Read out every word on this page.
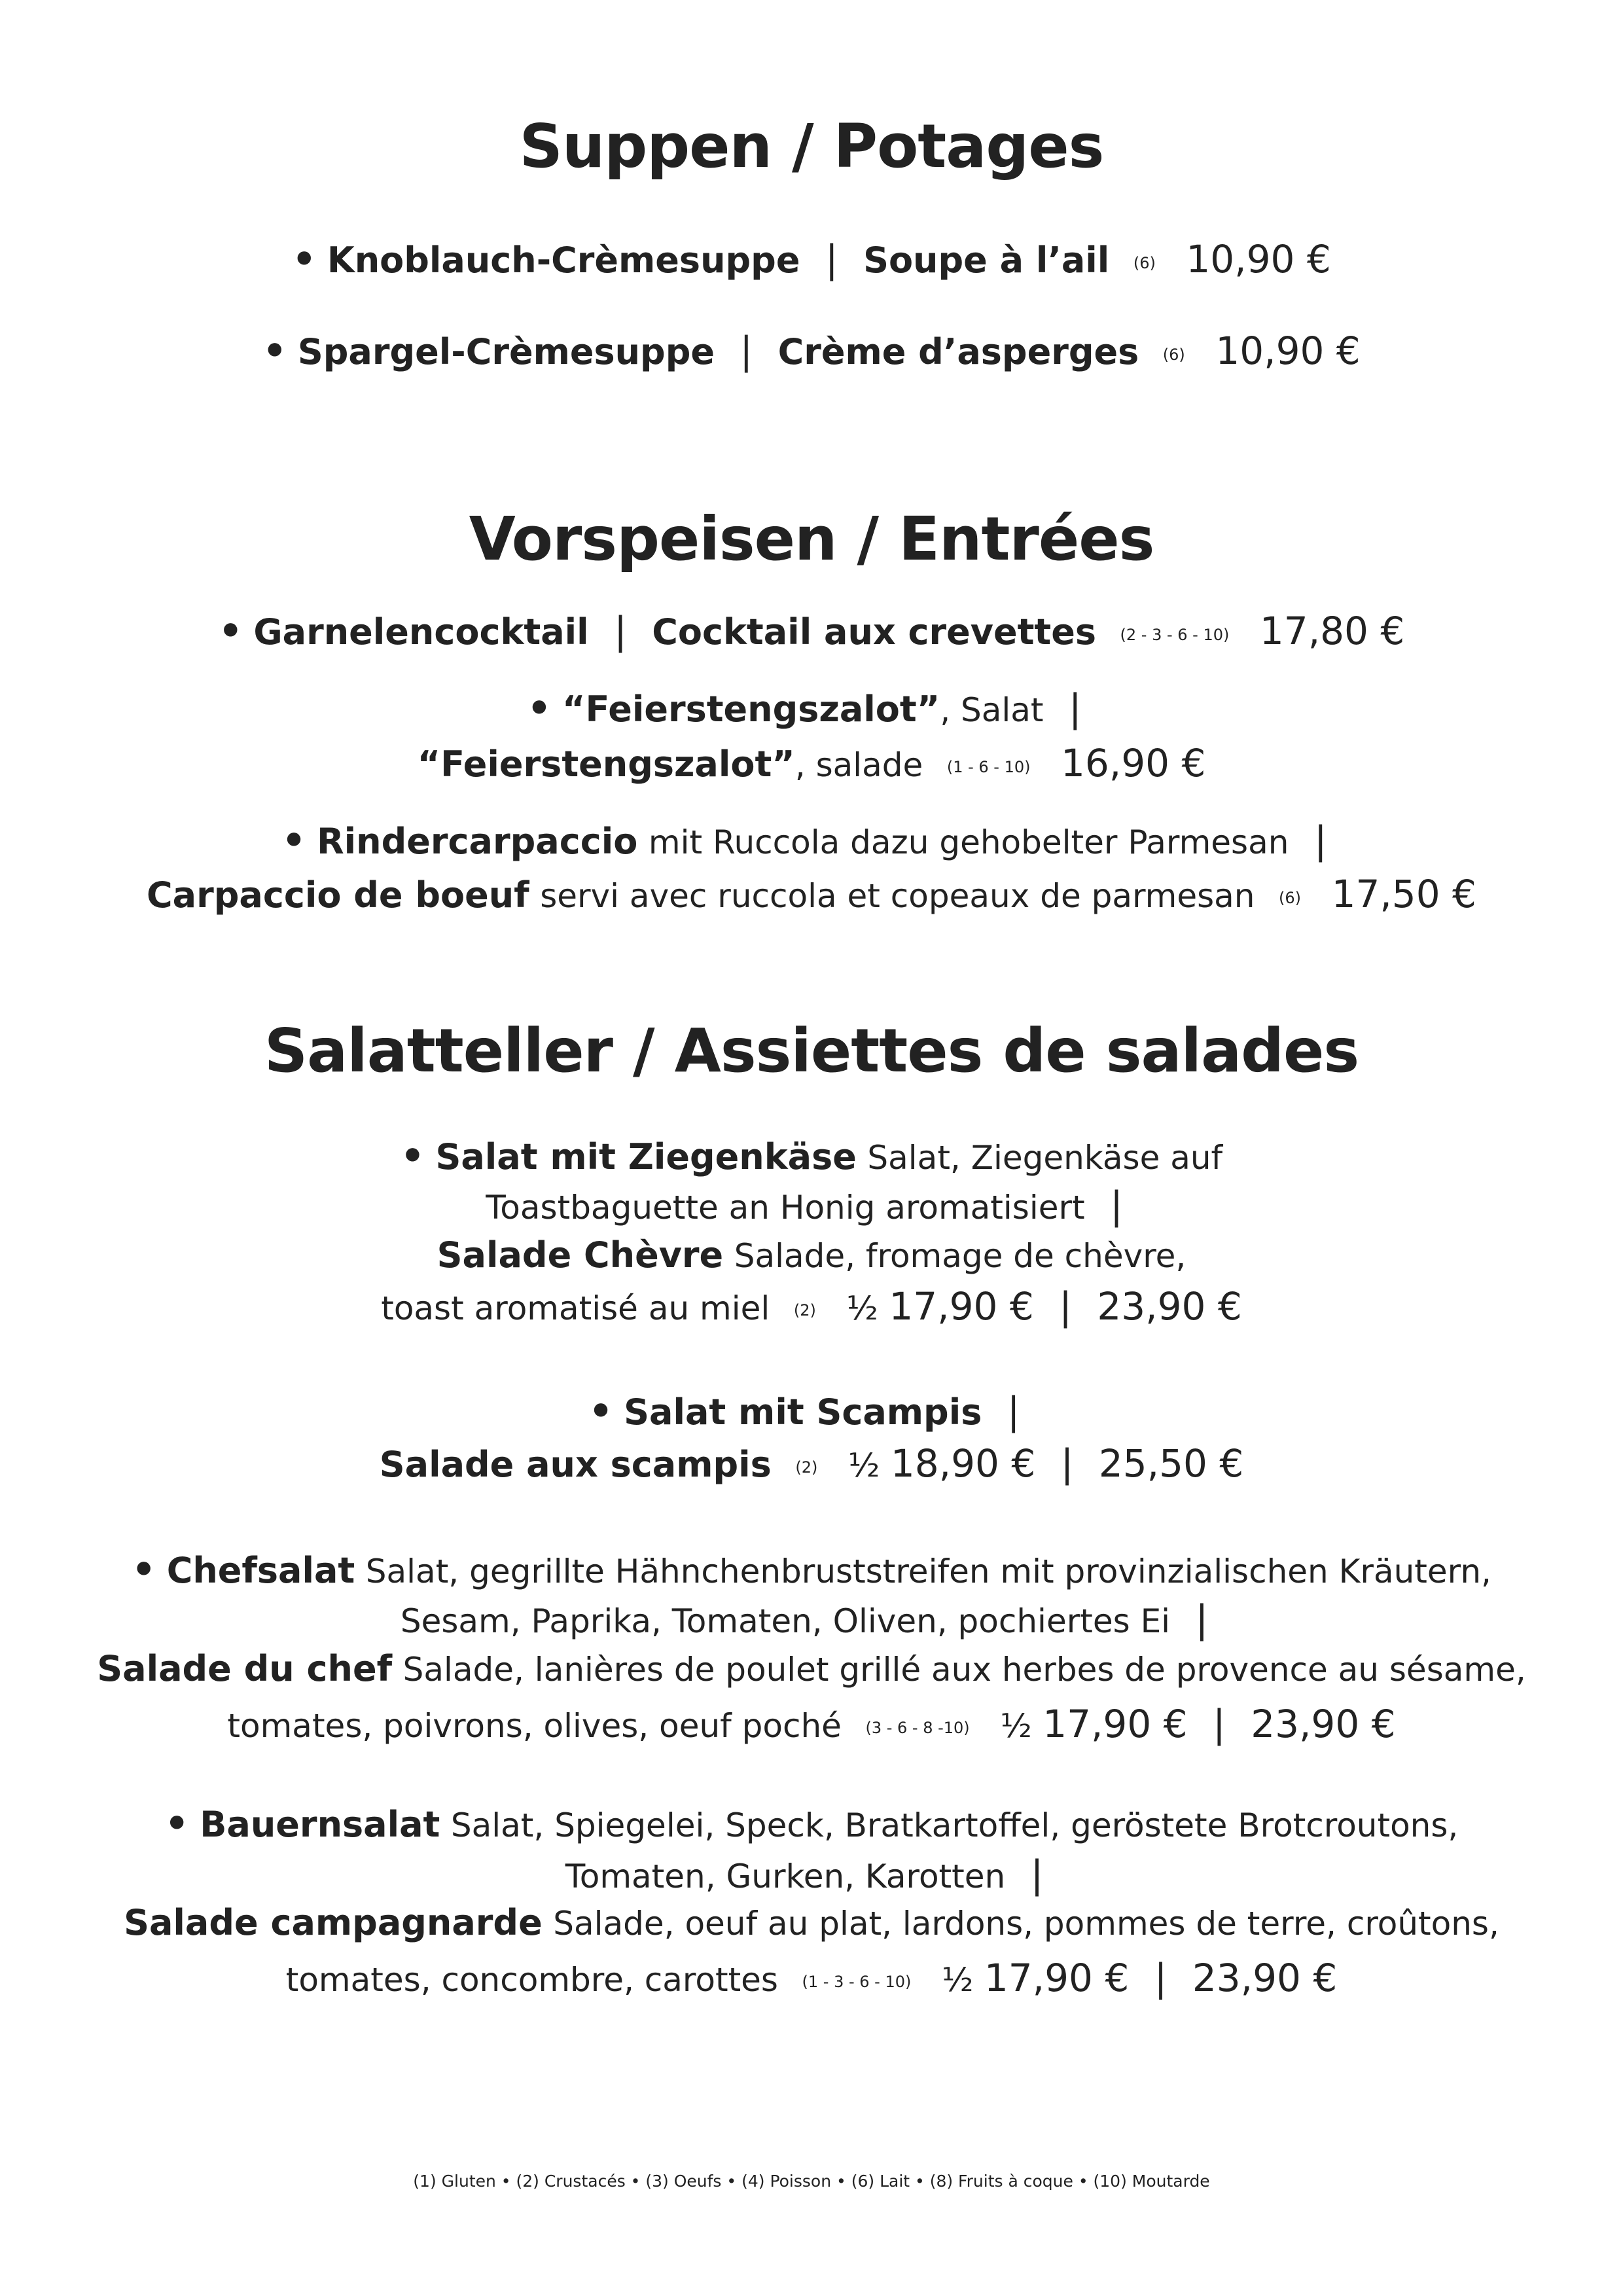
Suppen / Potages
• Knoblauch-Crèmesuppe | Soupe à l’ail (6) 10,90 €
• Spargel-Crèmesuppe | Crème d’asperges (6) 10,90 €
Vorspeisen / Entrées
• Garnelencocktail | Cocktail aux crevettes (2 - 3 - 6 - 10) 17,80 €
• “Feierstengszalot”, Salat |
“Feierstengszalot”, salade (1 - 6 - 10) 16,90 €
• Rindercarpaccio mit Ruccola dazu gehobelter Parmesan |
Carpaccio de boeuf servi avec ruccola et copeaux de parmesan (6) 17,50 €
Salatteller / Assiettes de salades
• Salat mit Ziegenkäse Salat, Ziegenkäse auf
Toastbaguette an Honig aromatisiert |
Salade Chèvre Salade, fromage de chèvre,
toast aromatisé au miel (2) ½ 17,90 € | 23,90 €
• Salat mit Scampis |
Salade aux scampis (2) ½ 18,90 € | 25,50 €
• Chefsalat Salat, gegrillte Hähnchenbruststreifen mit provinzialischen Kräutern,
Sesam, Paprika, Tomaten, Oliven, pochiertes Ei |
Salade du chef Salade, lanières de poulet grillé aux herbes de provence au sésame,
tomates, poivrons, olives, oeuf poché (3 - 6 - 8 -10) ½ 17,90 € | 23,90 €
• Bauernsalat Salat, Spiegelei, Speck, Bratkartoffel, geröstete Brotcroutons,
Tomaten, Gurken, Karotten |
Salade campagnarde Salade, oeuf au plat, lardons, pommes de terre, croûtons,
tomates, concombre, carottes (1 - 3 - 6 - 10) ½ 17,90 € | 23,90 €
(1) Gluten • (2) Crustacés • (3) Oeufs • (4) Poisson • (6) Lait • (8) Fruits à coque • (10) Moutarde
